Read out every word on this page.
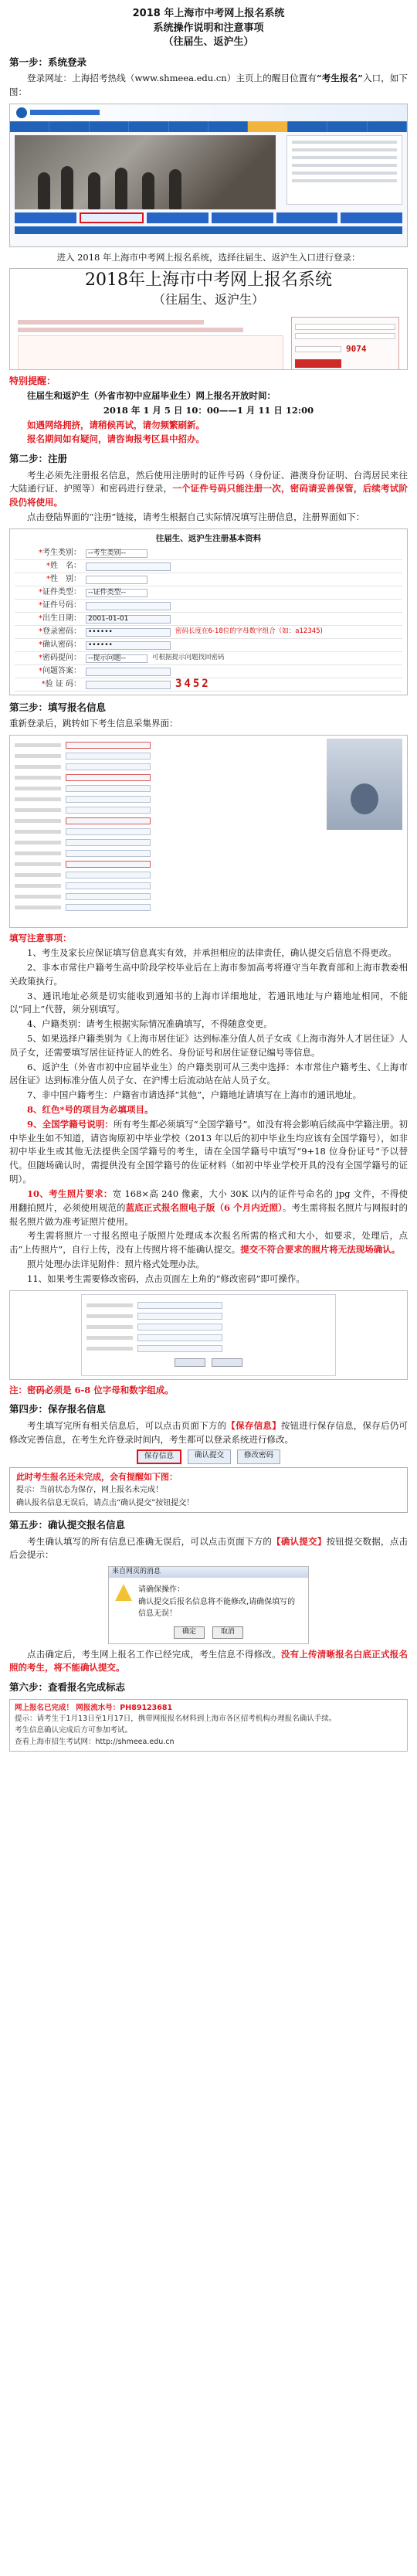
2018 年上海市中考网上报名系统
系统操作说明和注意事项
（往届生、返沪生）
第一步：系统登录

登录网址：上海招考热线（www.shmeea.edu.cn）主页上的醒目位置有“考生报名”入口，如下图：

进入 2018 年上海市中考网上报名系统，选择往届生、返沪生入口进行登录：

2018年上海市中考网上报名系统
（往届生、返沪生）
9074

特别提醒：

往届生和返沪生（外省市初中应届毕业生）网上报名开放时间：

2018 年 1 月 5 日 10：00——1 月 11 日 12:00

如遇网络拥挤，请稍候再试，请勿频繁刷新。

报名期间如有疑问，请咨询报考区县中招办。

第二步：注册

考生必须先注册报名信息，然后使用注册时的证件号码（身份证、港澳身份证明、台湾居民来往大陆通行证、护照等）和密码进行登录，一个证件号码只能注册一次，密码请妥善保管，后续考试阶段仍将使用。

点击登陆界面的“注册”链接，请考生根据自己实际情况填写注册信息，注册界面如下：

往届生、返沪生注册基本资料
*考生类别：	--考生类别--
*姓　名：
*性　别：
*证件类型：	--证件类型--
*证件号码：
*出生日期：	2001-01-01
*登录密码：	••••••	密码长度在6-18位的字母数字组合（如：a12345)
*确认密码：	••••••
*密码提问：	--提示问题--	可根据提示问题找回密码
*问题答案：
*验 证 码：	3452
第三步：填写报名信息

重新登录后，跳转如下考生信息采集界面：

填写注意事项：

1、考生及家长应保证填写信息真实有效，并承担相应的法律责任，确认提交后信息不得更改。

2、非本市常住户籍考生高中阶段学校毕业后在上海市参加高考将遵守当年教育部和上海市教委相关政策执行。

3、通讯地址必须是切实能收到通知书的上海市详细地址，若通讯地址与户籍地址相同，不能以“同上”代替，须分别填写。

4、户籍类别：请考生根据实际情况准确填写，不得随意变更。

5、如果选择户籍类别为《上海市居住证》达到标准分值人员子女或《上海市海外人才居住证》人员子女，还需要填写居住证持证人的姓名、身份证号和居住证登记编号等信息。

6、返沪生（外省市初中应届毕业生）的户籍类别可从三类中选择：本市常住户籍考生、《上海市居住证》达到标准分值人员子女、在沪博士后流动站在站人员子女。

7、非中国户籍考生：户籍省市请选择“其他”，户籍地址请填写在上海市的通讯地址。

8、红色*号的项目为必填项目。

9、全国学籍号说明：所有考生都必须填写“全国学籍号”。如没有将会影响后续高中学籍注册。初中毕业生如不知道，请咨询原初中毕业学校（2013 年以后的初中毕业生均应该有全国学籍号），如非初中毕业生或其他无法提供全国学籍号的考生，请在全国学籍号中填写“9+18 位身份证号”予以替代。但随场确认时，需提供没有全国学籍号的佐证材料（如初中毕业学校开具的没有全国学籍号的证明）。

10、考生照片要求：宽 168×高 240 像素，大小 30K 以内的证件号命名的 jpg 文件，不得使用翻拍照片，必须使用规范的蓝底正式报名照电子版（6 个月内近照）。考生需将报名照片与网报时的报名照片做为准考证照片使用。

考生需将照片一寸报名照电子版照片处理成本次报名所需的格式和大小，如要求，处理后，点击“上传照片”，自行上传，没有上传照片将不能确认提交。提交不符合要求的照片将无法现场确认。

照片处理办法详见附件：照片格式处理办法。

11、如果考生需要修改密码，点击页面左上角的“修改密码”即可操作。

注：密码必须是 6-8 位字母和数字组成。

第四步：保存报名信息

考生填写完所有相关信息后，可以点击页面下方的【保存信息】按钮进行保存信息，保存后仍可修改完善信息，在考生允许登录时间内，考生都可以登录系统进行修改。

保存信息	确认提交	修改密码
此时考生报名还未完成，会有提醒如下图：

提示：当前状态为保存，网上报名未完成！

确认报名信息无误后，请点击“确认提交”按钮提交！

第五步：确认提交报名信息

考生确认填写的所有信息已准确无误后，可以点击页面下方的【确认提交】按钮提交数据，点击后会提示：

来自网页的消息
请确保操作：
确认提交后报名信息将不能修改,请确保填写的信息无误！
确定	取消

点击确定后，考生网上报名工作已经完成，考生信息不得修改。没有上传清晰报名白底正式报名照的考生，将不能确认提交。

第六步：查看报名完成标志
网上报名已完成！ 网报流水号：PH89123681
提示：请考生于1月13日至1月17日，携带网报报名材料到上海市各区招考机构办理报名确认手续。
考生信息确认完成后方可参加考试。
查看上海市招生考试网：http://shmeea.edu.cn
